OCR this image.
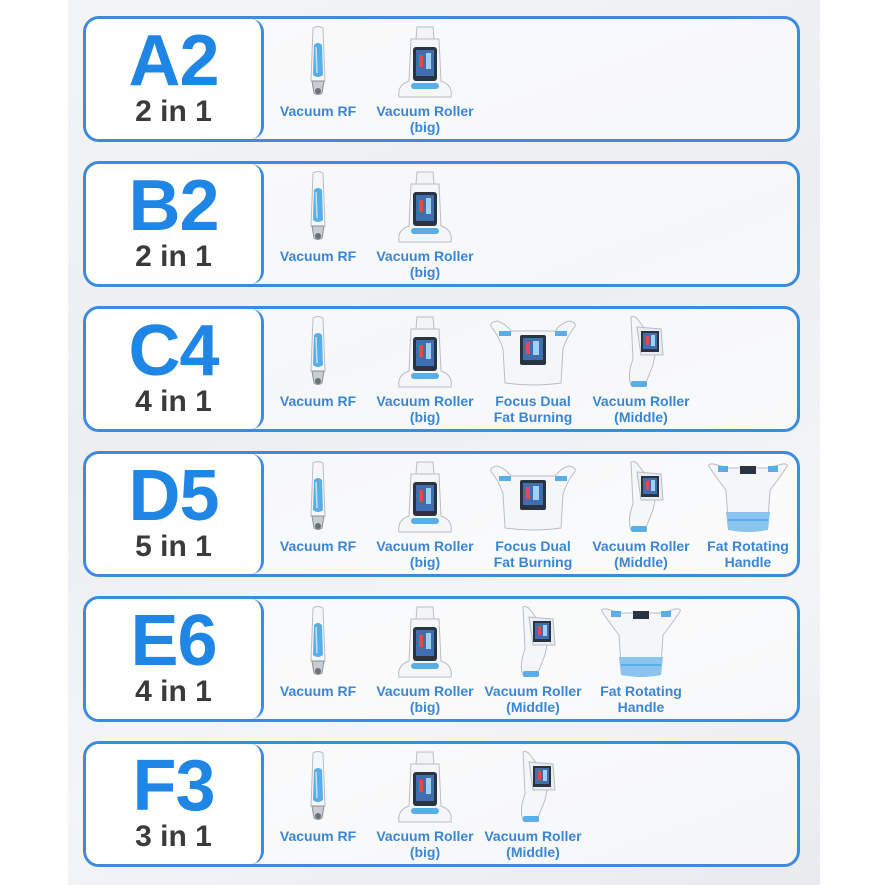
A2
2 in 1	Vacuum RF Vacuum Roller
(big)
B2
2 in 1	Vacuum RF Vacuum Roller
(big)
C4
4 in 1	Vacuum RF Vacuum Roller
(big)
Focus Dual
Fat Burning
Vacuum Roller
(Middle)
D5
5 in 1	Vacuum RF Vacuum Roller
(big)
Focus Dual
Fat Burning
Vacuum Roller
(Middle)
Fat Rotating
Handle
E6
4 in 1	Vacuum RF Vacuum Roller
(big)
Vacuum Roller
(Middle)
Fat Rotating
Handle
F3
3 in 1	Vacuum RF Vacuum Roller
(big)
Vacuum Roller
(Middle)
